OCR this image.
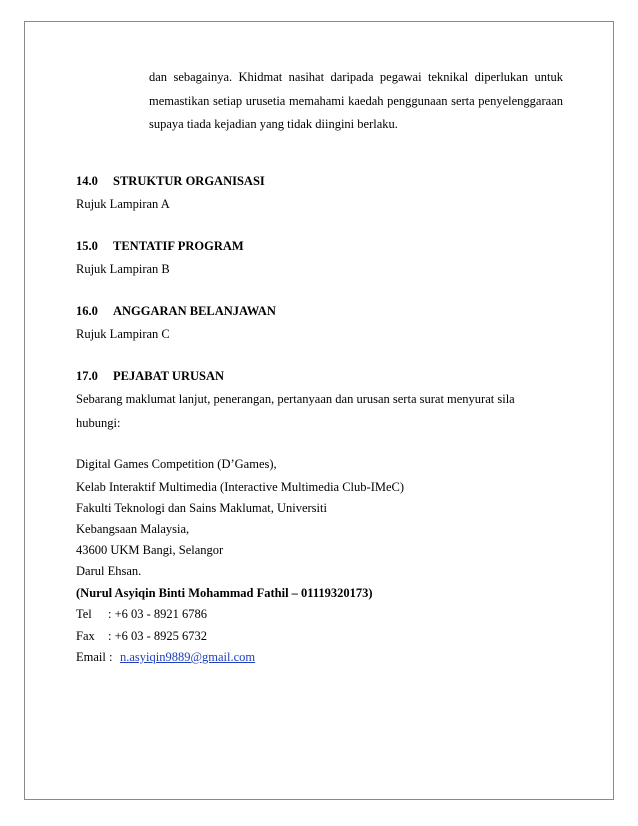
dan sebagainya. Khidmat nasihat daripada pegawai teknikal diperlukan untuk
memastikan setiap urusetia memahami kaedah penggunaan serta penyelenggaraan
supaya tiada kejadian yang tidak diingini berlaku.
14.0 STRUKTUR ORGANISASI
Rujuk Lampiran A
15.0 TENTATIF PROGRAM
Rujuk Lampiran B
16.0 ANGGARAN BELANJAWAN
Rujuk Lampiran C
17.0 PEJABAT URUSAN
Sebarang maklumat lanjut, penerangan, pertanyaan dan urusan serta surat menyurat sila
hubungi:
Digital Games Competition (D’Games),
Kelab Interaktif Multimedia (Interactive Multimedia Club-IMeC)
Fakulti Teknologi dan Sains Maklumat, Universiti
Kebangsaan Malaysia,
43600 UKM Bangi, Selangor
Darul Ehsan.
(Nurul Asyiqin Binti Mohammad Fathil – 01119320173)
Tel : +6 03 - 8921 6786
Fax : +6 03 - 8925 6732
Email : n.asyiqin9889@gmail.com
